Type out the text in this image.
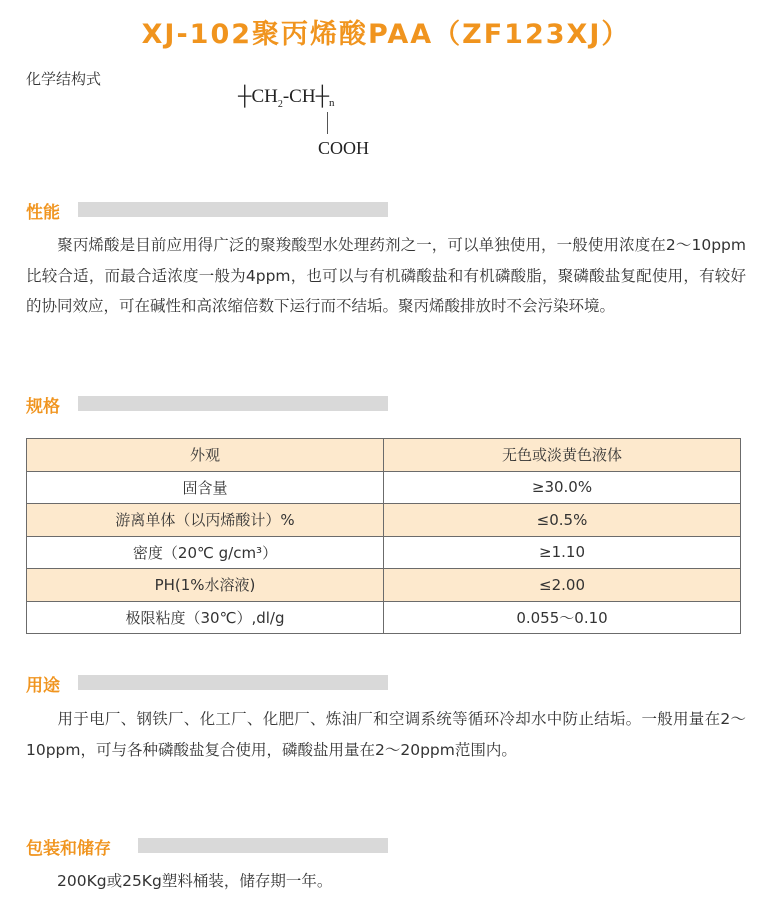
XJ-102聚丙烯酸PAA（ZF123XJ）
化学结构式
$┼CH_2-CH┼_n$
COOH
性能
　　聚丙烯酸是目前应用得广泛的聚羧酸型水处理药剂之一，可以单独使用，一般使用浓度在2～10ppm比较合适，而最合适浓度一般为4ppm，也可以与有机磷酸盐和有机磷酸脂，聚磷酸盐复配使用，有较好的协同效应，可在碱性和高浓缩倍数下运行而不结垢。聚丙烯酸排放时不会污染环境。
规格
外观	无色或淡黄色液体
固含量	≥30.0%
游离单体（以丙烯酸计）%	≤0.5%
密度（20℃ g/cm³）	≥1.10
PH(1%水溶液)	≤2.00
极限粘度（30℃）,dl/g	0.055～0.10
用途
　　用于电厂、钢铁厂、化工厂、化肥厂、炼油厂和空调系统等循环冷却水中防止结垢。一般用量在2～10ppm，可与各种磷酸盐复合使用，磷酸盐用量在2～20ppm范围内。
包装和储存
　　200Kg或25Kg塑料桶装，储存期一年。
